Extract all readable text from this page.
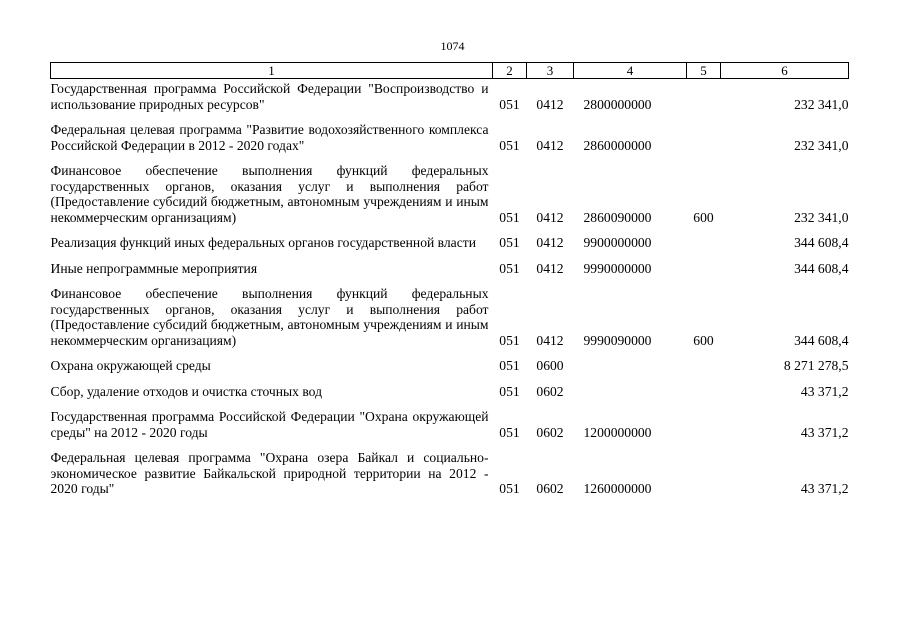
1074
1	2	3	4	5	6
Государственная программа Российской Федерации "Воспроизводство и использование природных ресурсов"	051	0412	2800000000		232 341,0
Федеральная целевая программа "Развитие водохозяйственного комплекса Российской Федерации в 2012 - 2020 годах"	051	0412	2860000000		232 341,0
Финансовое обеспечение выполнения функций федеральных государственных органов, оказания услуг и выполнения работ (Предоставление субсидий бюджетным, автономным учреждениям и иным некоммерческим организациям)	051	0412	2860090000	600	232 341,0
Реализация функций иных федеральных органов государственной власти	051	0412	9900000000		344 608,4
Иные непрограммные мероприятия	051	0412	9990000000		344 608,4
Финансовое обеспечение выполнения функций федеральных государственных органов, оказания услуг и выполнения работ (Предоставление субсидий бюджетным, автономным учреждениям и иным некоммерческим организациям)	051	0412	9990090000	600	344 608,4
Охрана окружающей среды	051	0600			8 271 278,5
Сбор, удаление отходов и очистка сточных вод	051	0602			43 371,2
Государственная программа Российской Федерации "Охрана окружающей среды" на 2012 - 2020 годы	051	0602	1200000000		43 371,2
Федеральная целевая программа "Охрана озера Байкал и социально-экономическое развитие Байкальской природной территории на 2012 - 2020 годы"	051	0602	1260000000		43 371,2
